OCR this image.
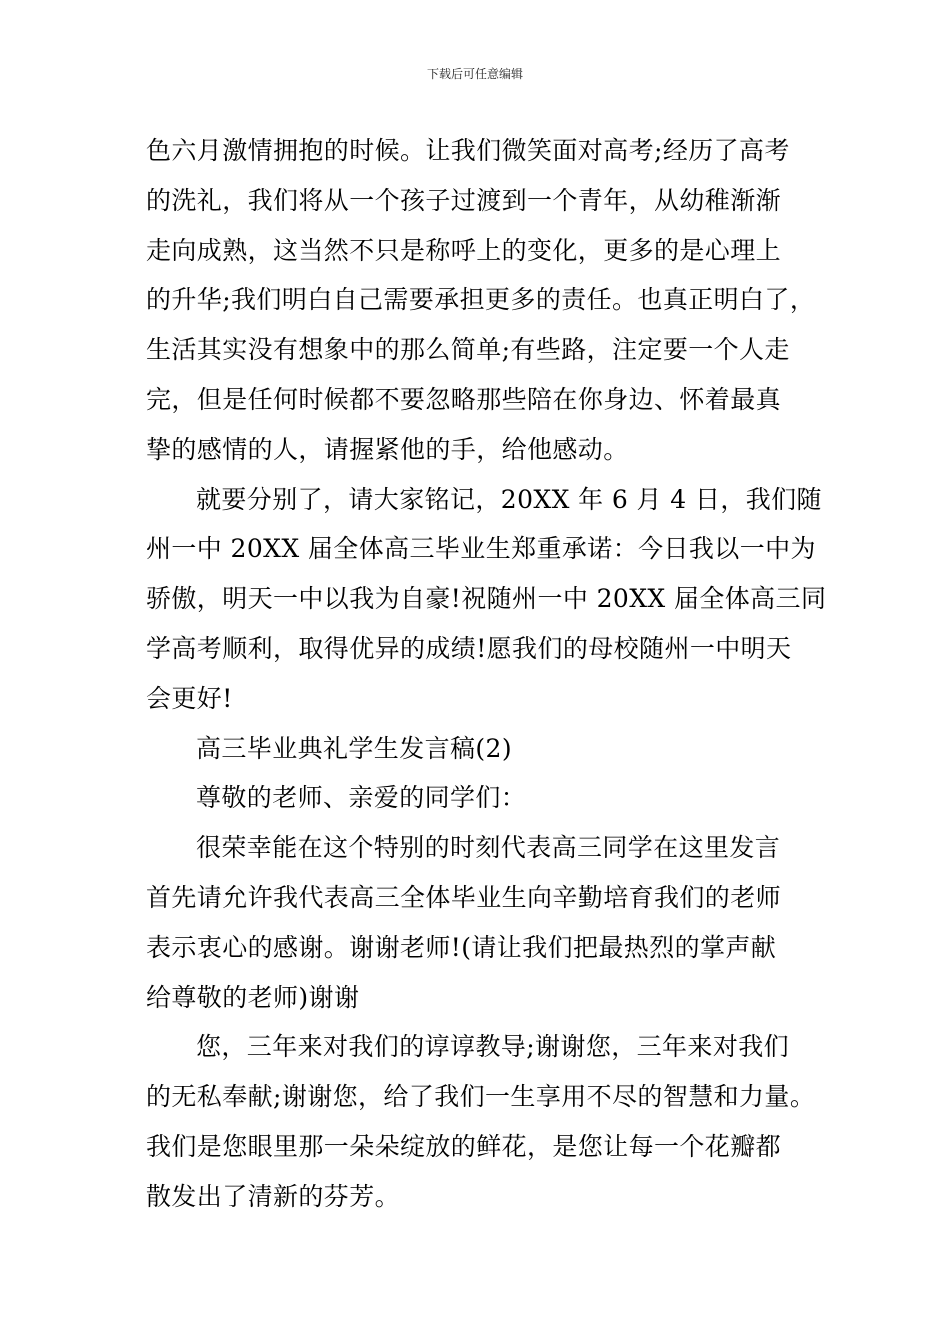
下载后可任意编辑
色六月激情拥抱的时候。让我们微笑面对高考;经历了高考
的洗礼，我们将从一个孩子过渡到一个青年，从幼稚渐渐
走向成熟，这当然不只是称呼上的变化，更多的是心理上
的升华;我们明白自己需要承担更多的责任。也真正明白了，
生活其实没有想象中的那么简单;有些路，注定要一个人走
完，但是任何时候都不要忽略那些陪在你身边、怀着最真
挚的感情的人，请握紧他的手，给他感动。
就要分别了，请大家铭记，20XX 年 6 月 4 日，我们随
州一中 20XX 届全体高三毕业生郑重承诺：今日我以一中为
骄傲，明天一中以我为自豪!祝随州一中 20XX 届全体高三同
学高考顺利，取得优异的成绩!愿我们的母校随州一中明天
会更好!
高三毕业典礼学生发言稿(2)
尊敬的老师、亲爱的同学们：
很荣幸能在这个特别的时刻代表高三同学在这里发言
首先请允许我代表高三全体毕业生向辛勤培育我们的老师
表示衷心的感谢。谢谢老师!(请让我们把最热烈的掌声献
给尊敬的老师)谢谢
您，三年来对我们的谆谆教导;谢谢您，三年来对我们
的无私奉献;谢谢您，给了我们一生享用不尽的智慧和力量。
我们是您眼里那一朵朵绽放的鲜花，是您让每一个花瓣都
散发出了清新的芬芳。
